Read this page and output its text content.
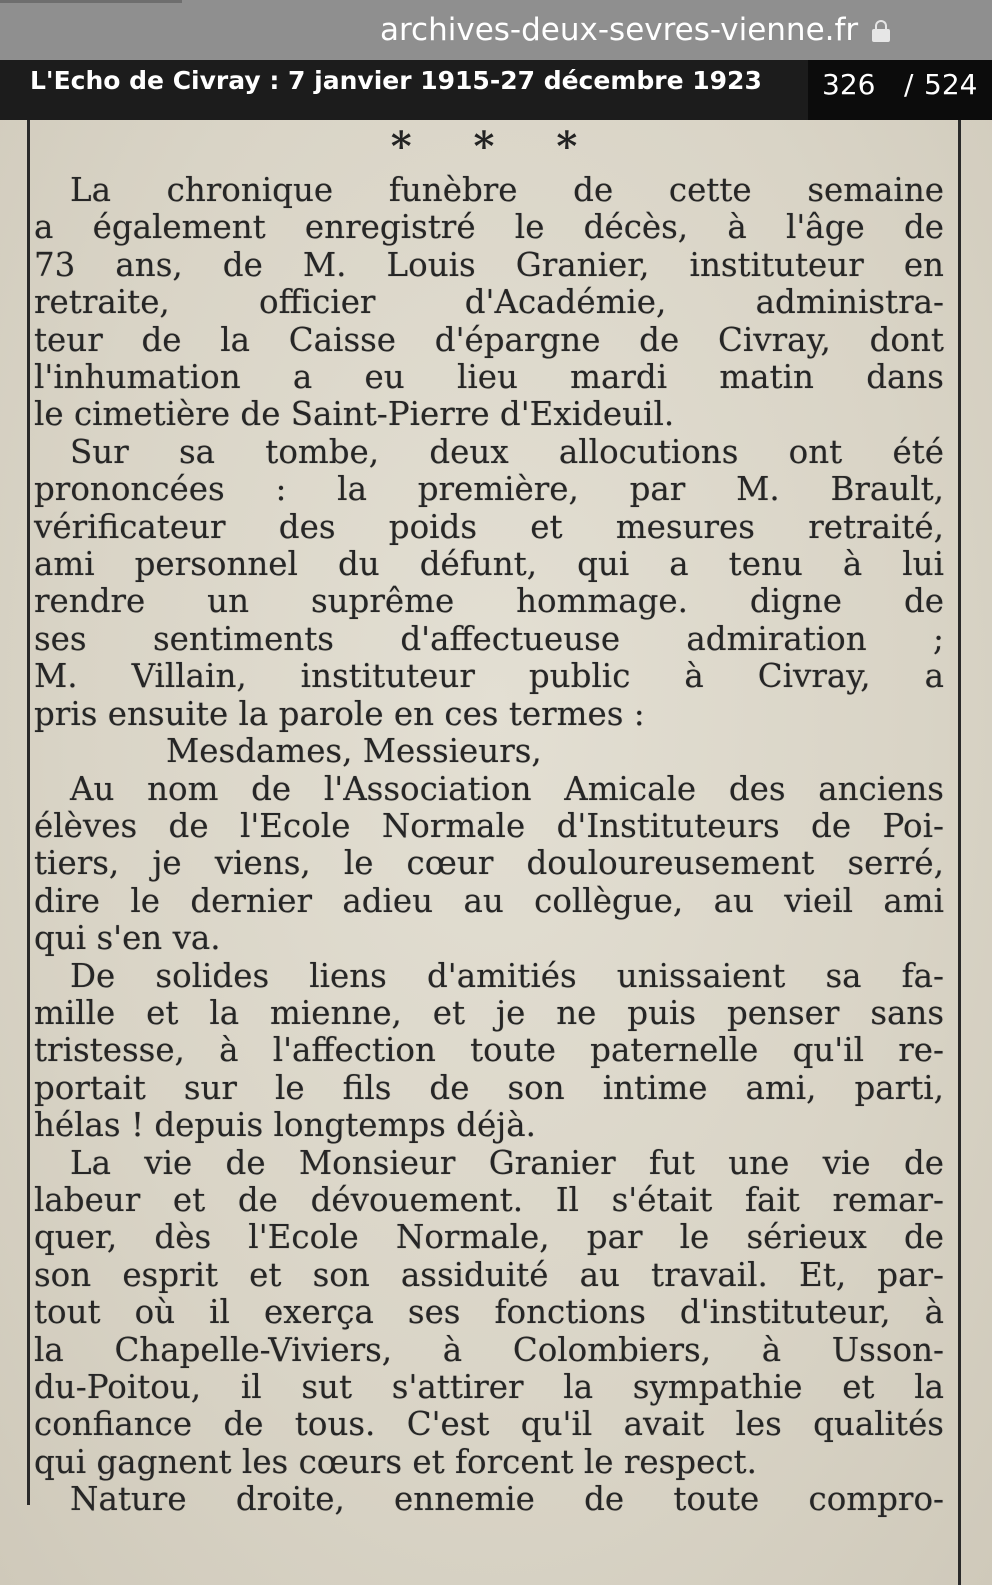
archives-deux-sevres-vienne.fr
L'Echo de Civray : 7 janvier 1915-27 décembre 1923 326 / 524
* * *
La chronique funèbre de cette semaine
a également enregistré le décès, à l'âge de
73 ans, de M. Louis Granier, instituteur en
retraite, officier d'Académie, administra-
teur de la Caisse d'épargne de Civray, dont
l'inhumation a eu lieu mardi matin dans
le cimetière de Saint-Pierre d'Exideuil.
Sur sa tombe, deux allocutions ont été
prononcées : la première, par M. Brault,
vérificateur des poids et mesures retraité,
ami personnel du défunt, qui a tenu à lui
rendre un suprême hommage. digne de
ses sentiments d'affectueuse admiration ;
M. Villain, instituteur public à Civray, a
pris ensuite la parole en ces termes :
Mesdames, Messieurs,
Au nom de l'Association Amicale des anciens
élèves de l'Ecole Normale d'Instituteurs de Poi-
tiers, je viens, le cœur douloureusement serré,
dire le dernier adieu au collègue, au vieil ami
qui s'en va.
De solides liens d'amitiés unissaient sa fa-
mille et la mienne, et je ne puis penser sans
tristesse, à l'affection toute paternelle qu'il re-
portait sur le fils de son intime ami, parti,
hélas ! depuis longtemps déjà.
La vie de Monsieur Granier fut une vie de
labeur et de dévouement. Il s'était fait remar-
quer, dès l'Ecole Normale, par le sérieux de
son esprit et son assiduité au travail. Et, par-
tout où il exerça ses fonctions d'instituteur, à
la Chapelle-Viviers, à Colombiers, à Usson-
du-Poitou, il sut s'attirer la sympathie et la
confiance de tous. C'est qu'il avait les qualités
qui gagnent les cœurs et forcent le respect.
Nature droite, ennemie de toute compro-
